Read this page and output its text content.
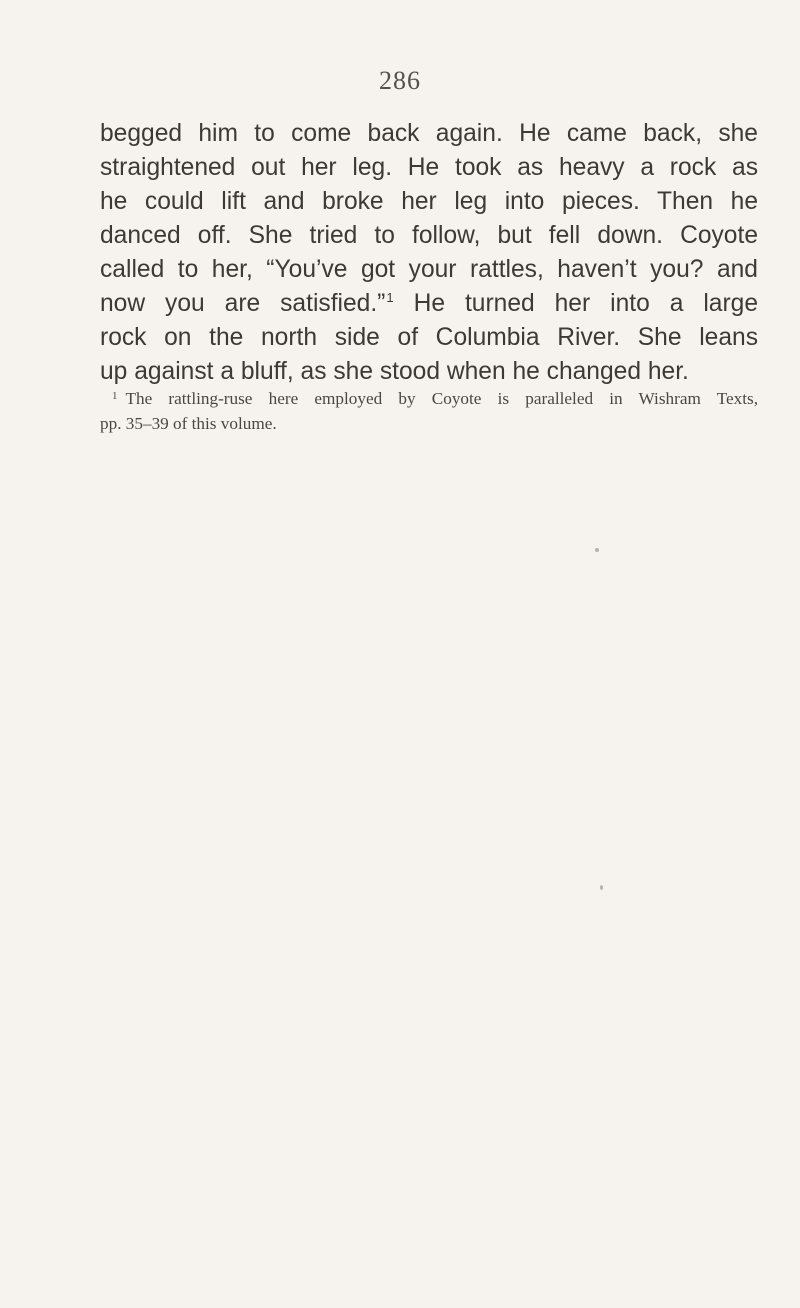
286
begged him to come back again. He came back, she
straightened out her leg. He took as heavy a rock as
he could lift and broke her leg into pieces. Then he
danced off. She tried to follow, but fell down. Coyote
called to her, “You’ve got your rattles, haven’t you? and
now you are satisfied.”$^1$ He turned her into a large
rock on the north side of Columbia River. She leans
up against a bluff, as she stood when he changed her.
$^1$ The rattling-ruse here employed by Coyote is paralleled in Wishram Texts,
pp. 35–39 of this volume.
